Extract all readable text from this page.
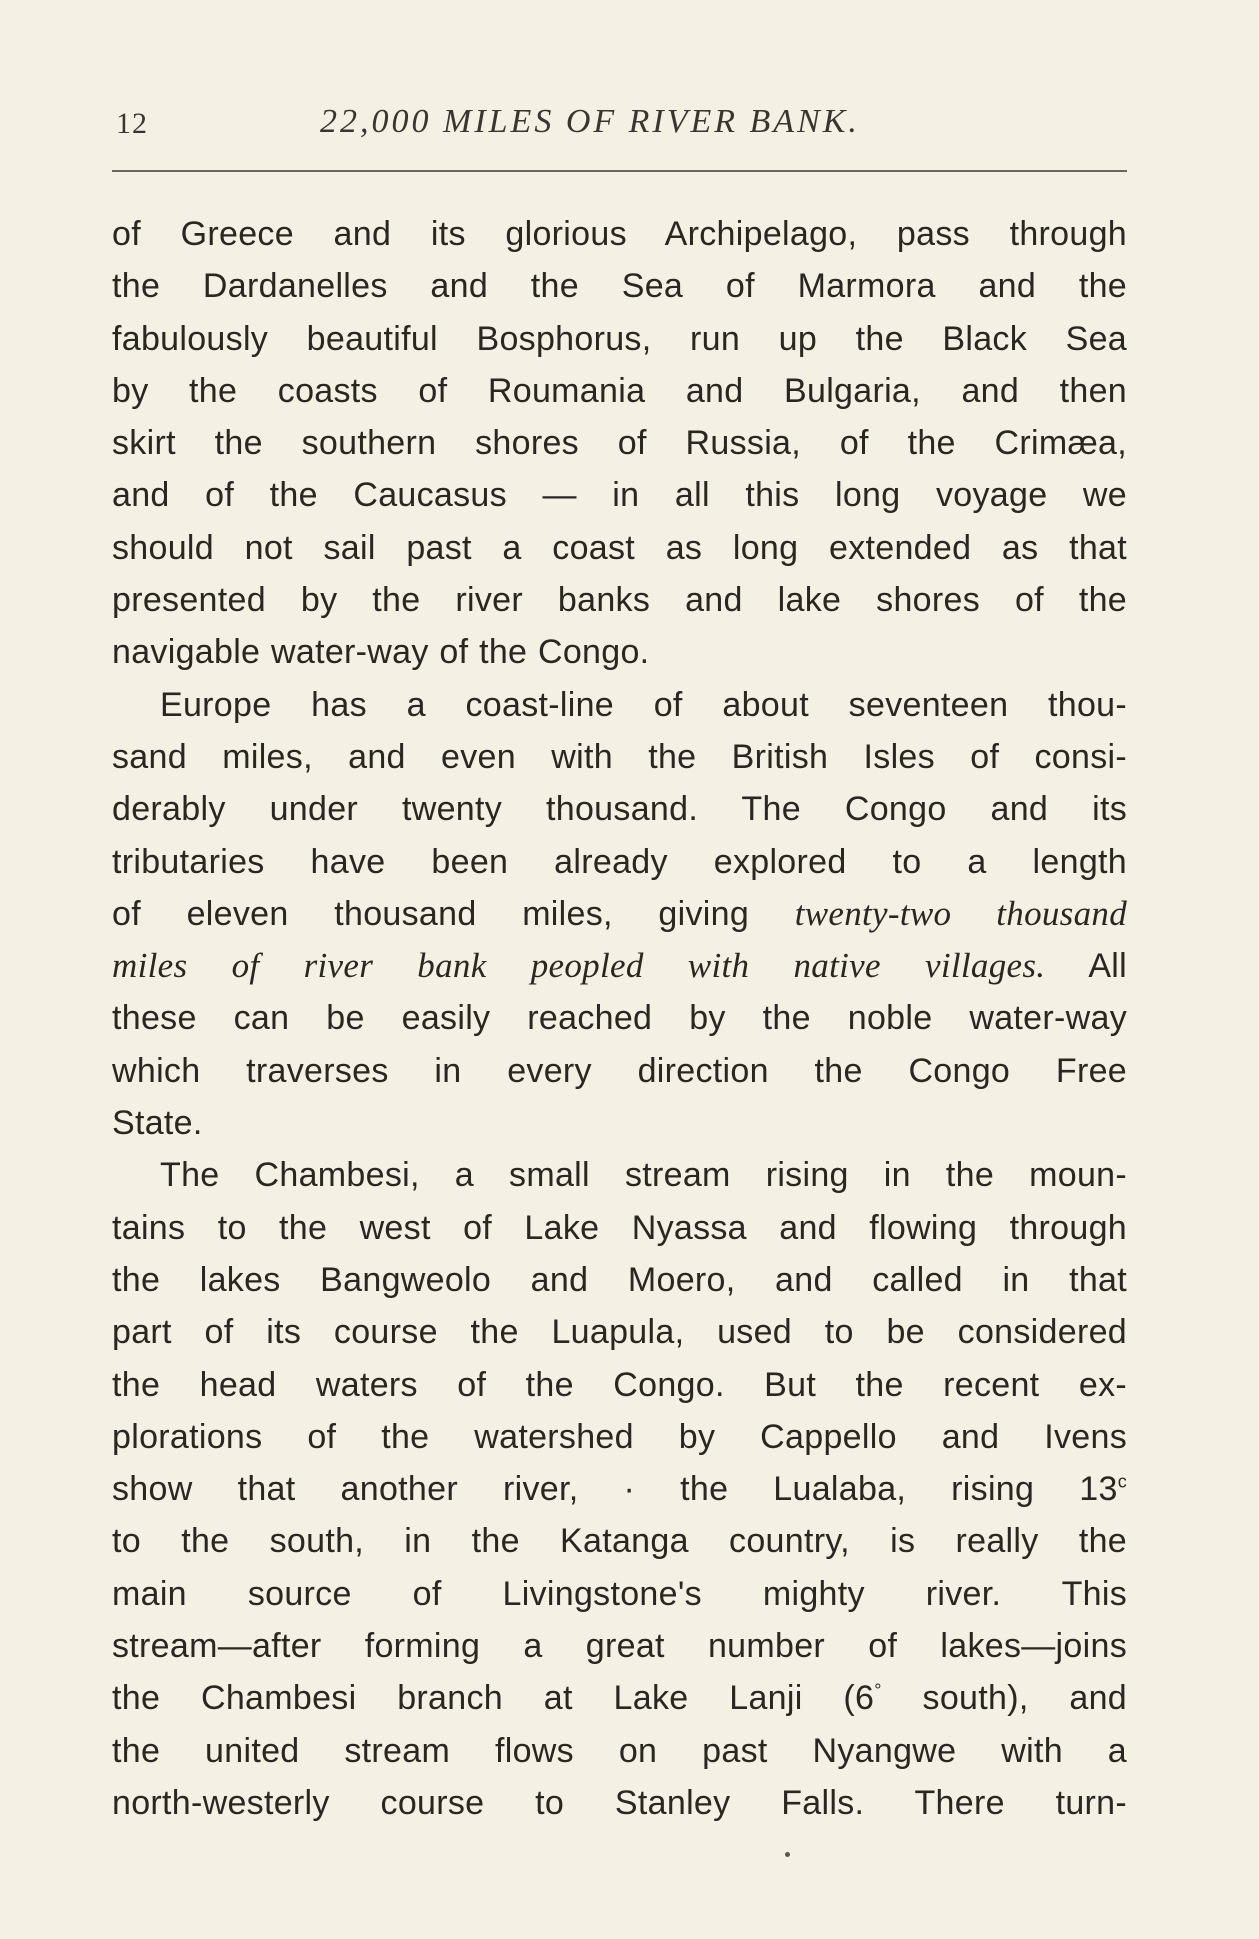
12	22,000 MILES OF RIVER BANK.
of Greece and its glorious Archipelago, pass through
the Dardanelles and the Sea of Marmora and the
fabulously beautiful Bosphorus, run up the Black Sea
by the coasts of Roumania and Bulgaria, and then
skirt the southern shores of Russia, of the Crimæa,
and of the Caucasus — in all this long voyage we
should not sail past a coast as long extended as that
presented by the river banks and lake shores of the
navigable water-way of the Congo.
Europe has a coast-line of about seventeen thou-
sand miles, and even with the British Isles of consi-
derably under twenty thousand. The Congo and its
tributaries have been already explored to a length
of eleven thousand miles, giving twenty-two thousand
miles of river bank peopled with native villages. All
these can be easily reached by the noble water-way
which traverses in every direction the Congo Free
State.
The Chambesi, a small stream rising in the moun-
tains to the west of Lake Nyassa and flowing through
the lakes Bangweolo and Moero, and called in that
part of its course the Luapula, used to be considered
the head waters of the Congo. But the recent ex-
plorations of the watershed by Cappello and Ivens
show that another river, · the Lualaba, rising 13$^c$
to the south, in the Katanga country, is really the
main source of Livingstone's mighty river. This
stream—after forming a great number of lakes—joins
the Chambesi branch at Lake Lanji (6° south), and
the united stream flows on past Nyangwe with a
north-westerly course to Stanley Falls. There turn-
